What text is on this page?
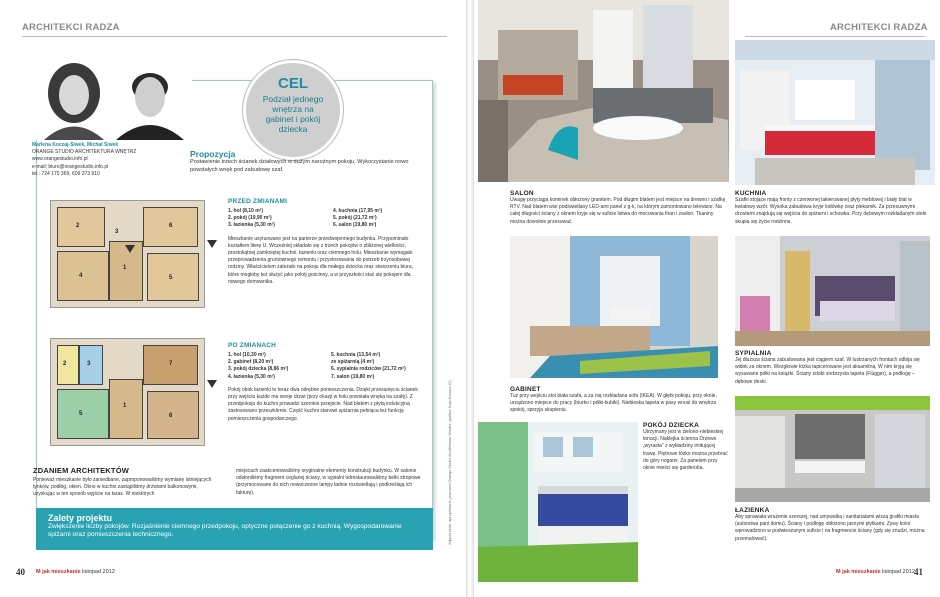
ARCHITEKCI RADZA
Marlena Koczaj-Siwek, Michał Siwek
ORANGE STUDIO ARCHITEKTURA WNĘTRZ
www.orangestudio.info.pl
e-mail: biuro@orangestudio.info.pl
tel.: 724 170 369, 609 373 910
CEL
Podział jednego wnętrza na gabinet i pokój dziecka
Propozycja
Postawienie trzech ścianek działowych w dużym narożnym pokoju. Wykorzystanie nowo powstałych wnęk pod zabudowę szaf.
2
1
6
4	5
3
PRZED ZMIANAMI
1. hol (8,10 m²)
2. pokój (19,90 m²)
3. łazienka (5,30 m²)
4. kuchnia (17,95 m²)
5. pokój (21,72 m²)
6. salon (19,80 m²)
Mieszkanie usytuowane jest na parterze przedwojennego budynku. Przypominało kształtem literę U. Wcześniej składało się z trzech pokojów o zbliżonej wielkości, prostokątnej zamkniętej kuchni, łazienki oraz ciemnego holu. Mieszkanie wymagało przeprowadzenia gruntownego remontu i przystosowania do potrzeb trzyosobowej rodziny. Właścicielom zależało na pokoju dla małego dziecka oraz stworzeniu biura, które mogłoby też służyć jako pokój gościnny, a w przyszłości stać się pokojem dla nowego domownika.
2	3
1
7
5	6
PO ZMIANACH
1. hol (10,30 m²)
2. gabinet (8,20 m²)
3. pokój dziecka (8,86 m²)
4. łazienka (5,30 m²)
5. kuchnia (13,54 m²)
ze spiżarnią (4 m²)
6. sypialnia rodziców (21,72 m²)
7. salon (19,80 m²)
Pokój obok łazienki to teraz dwa odrębne pomieszczenia. Dzięki przesunięciu ścianek przy wejściu każde ma swoje drzwi (przy okazji w holu powstała wnęka na szafę). Z przedpokoju do kuchni prowadzi szerokie przejście. Nad blatem z płytą indukcyjną zastosowano przeszklenie. Część kuchni stanowi spiżarnia pełniąca też funkcję pomieszczenia gospodarczego.
ZDANIEM ARCHITEKTÓW
Ponieważ mieszkanie było zaniedbane, zaproponowaliśmy wymianę istniejących tynków, podłóg, okien. Okno w kuchni zastąpiliśmy drzwiami balkonowymi, uzyskując w ten sposób wyjście na taras. W niektórych
miejscach zaakcentowaliśmy oryginalne elementy konstrukcji budynku. W salonie odsłoniliśmy fragment ceglanej ściany, w sypialni odrestaurowaliśmy belki stropowe (przymocowane do nich nowoczesne lampy ładnie rozświetlają i podkreślają ich fakturę).
Zalety projektu
Zwiększenie liczby pokojów. Rozjaśnienie ciemnego przedpokoju, optyczne połączenie go z kuchnią. Wygospodarowanie spiżarni oraz pomieszczenia technicznego.	Zdjęcia bloki: aproprietarki; pracowni Orange Studio Architektura Wnętrz; grafika: Kaja Kowacz (2)
40 M jak mieszkanie listopad 2012
ARCHITEKCI RADZA
SALON
Uwagę przyciąga kominek obłożony granitem. Pod długim blatem jest miejsce na drewno i szafkę RTV. Nad blatem wisi podświetlany LED-ami panel z g-k, na którym zamontowano telewizor. Na całej długości ściany z oknem kryje się w suficie listwa do mocowania firan i zasłon. Tkaniny można dowolnie przesuwać.
KUCHNIA
Szafki stojące mają fronty z czerwonej lakierowanej płyty meblowej i biały blat w kwiatowy wzór. Wysoka zabudowa kryje lodówkę oraz piekarnik. Za przesuwnymi drzwiami znajdują się wejścia do spiżarni i schowka. Przy dębowym rozkładanym stole skupia się życie rodzinne.
SYPIALNIA
Jej dłuższa ściana zabudowana jest ciągiem szaf. W lustrzanych frontach odbija się widok za oknem. Wezgłowie łóżka tapicerowane jest aksamitną. W nim kryją się wysuwane półki na książki. Ściany zdobi srebrzysta tapeta (Flügger), a podłogę – dębowe deski.
GABINET
Tuż przy wejściu stoi biała szafa, a za nią rozkładana sofa (IKEA). W głębi pokoju, przy oknie, urządzono miejsce do pracy (biurko i półki-kubiki). Niebieska tapeta w pasy wnosi do wnętrza spokój, sprzyja skupieniu.
POKÓJ DZIECKA
Utrzymany jest w zielono-niebieskiej tonacji. Naklejka ścienna Drzewo „wyrasta” z wykładziny imitującej trawę. Piętrowe łóżko można przebrać do góry nogami. Za panelem przy oknie mieści się garderoba.
ŁAZIENKA
Aby sprawiała wrażenie szerszej, nad umywalką i sanitariatami wiszą grafiki miasta (autorstwa pani domu). Ściany i podłogę obłożono jasnymi płytkami. Zywy kolor wprowadzono w podwieszanym suficie i na fragmencie ściany (gdy się znudzi, można przemalować).
M jak mieszkanie listopad 2012 41
